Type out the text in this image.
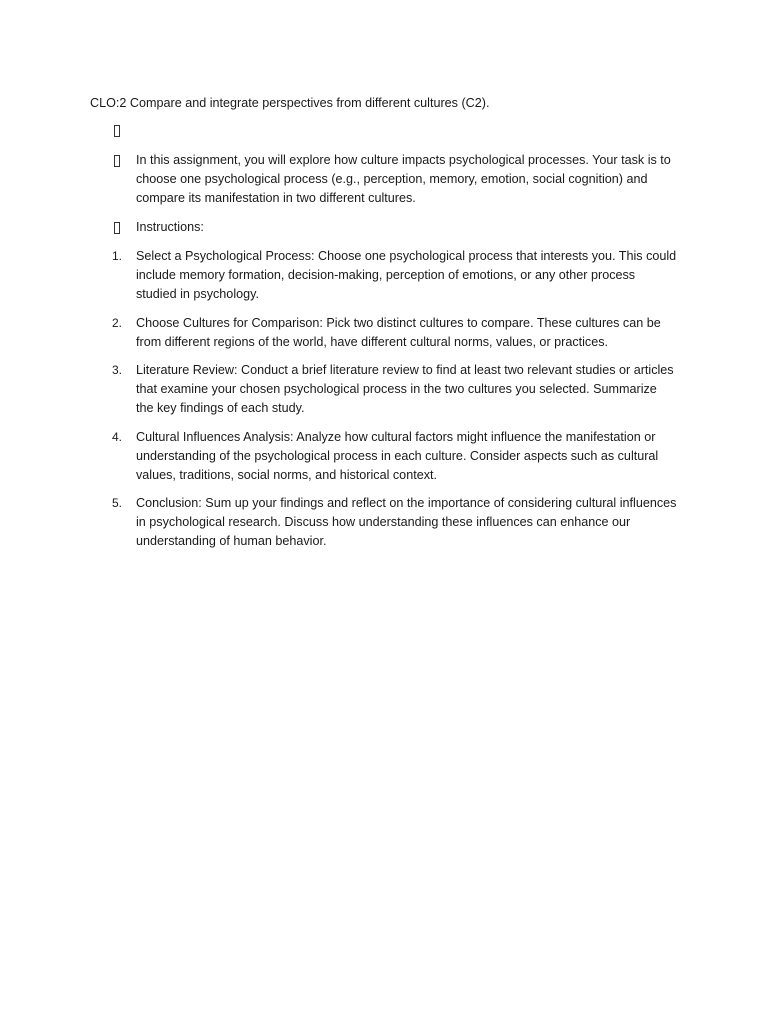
CLO:2 Compare and integrate perspectives from different cultures (C2).
In this assignment, you will explore how culture impacts psychological processes. Your task is to choose one psychological process (e.g., perception, memory, emotion, social cognition) and compare its manifestation in two different cultures.
Instructions:
1.	Select a Psychological Process: Choose one psychological process that interests you. This could include memory formation, decision-making, perception of emotions, or any other process studied in psychology.
2.	Choose Cultures for Comparison: Pick two distinct cultures to compare. These cultures can be from different regions of the world, have different cultural norms, values, or practices.
3.	Literature Review: Conduct a brief literature review to find at least two relevant studies or articles that examine your chosen psychological process in the two cultures you selected. Summarize the key findings of each study.
4.	Cultural Influences Analysis: Analyze how cultural factors might influence the manifestation or understanding of the psychological process in each culture. Consider aspects such as cultural values, traditions, social norms, and historical context.
5.	Conclusion: Sum up your findings and reflect on the importance of considering cultural influences in psychological research. Discuss how understanding these influences can enhance our understanding of human behavior.
